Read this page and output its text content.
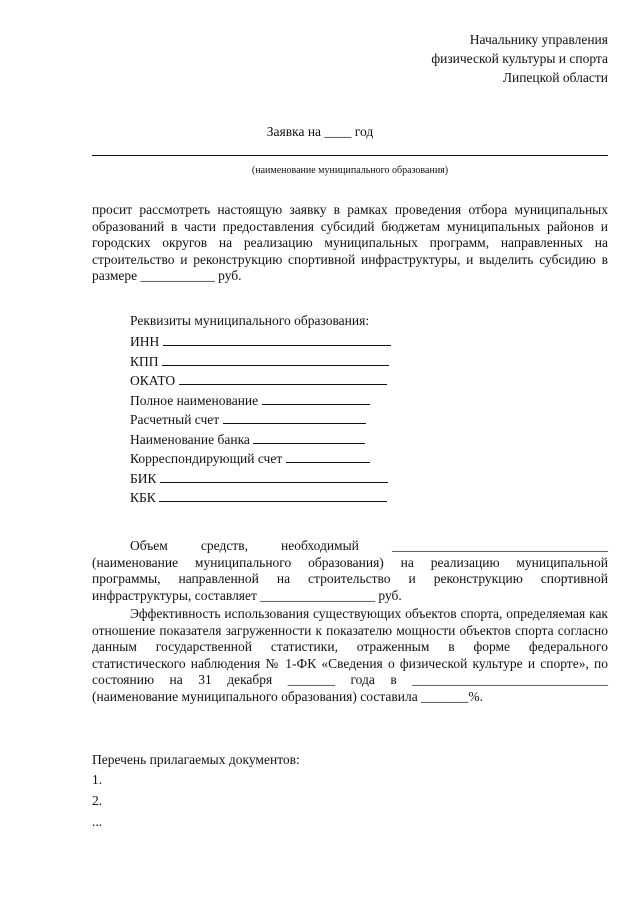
Начальнику управления
физической культуры и спорта
Липецкой области
Заявка на ____ год
(наименование муниципального образования)
просит рассмотреть настоящую заявку в рамках проведения отбора муниципальных образований в части предоставления субсидий бюджетам муниципальных районов и городских округов на реализацию муниципальных программ, направленных на строительство и реконструкцию спортивной инфраструктуры, и выделить субсидию в размере ___________ руб.
Реквизиты муниципального образования:
ИНН
КПП
ОКАТО
Полное наименование
Расчетный счет
Наименование банка
Корреспондирующий счет
БИК
КБК
Объем средств, необходимый ________________________________ (наименование муниципального образования) на реализацию муниципальной программы, направленной на строительство и реконструкцию спортивной инфраструктуры, составляет _________________ руб.
Эффективность использования существующих объектов спорта, определяемая как отношение показателя загруженности к показателю мощности объектов спорта согласно данным государственной статистики, отраженным в форме федерального статистического наблюдения № 1-ФК «Сведения о физической культуре и спорте», по состоянию на 31 декабря _______ года в _____________________________ (наименование муниципального образования) составила _______%.
Перечень прилагаемых документов:
1.
2.
...
